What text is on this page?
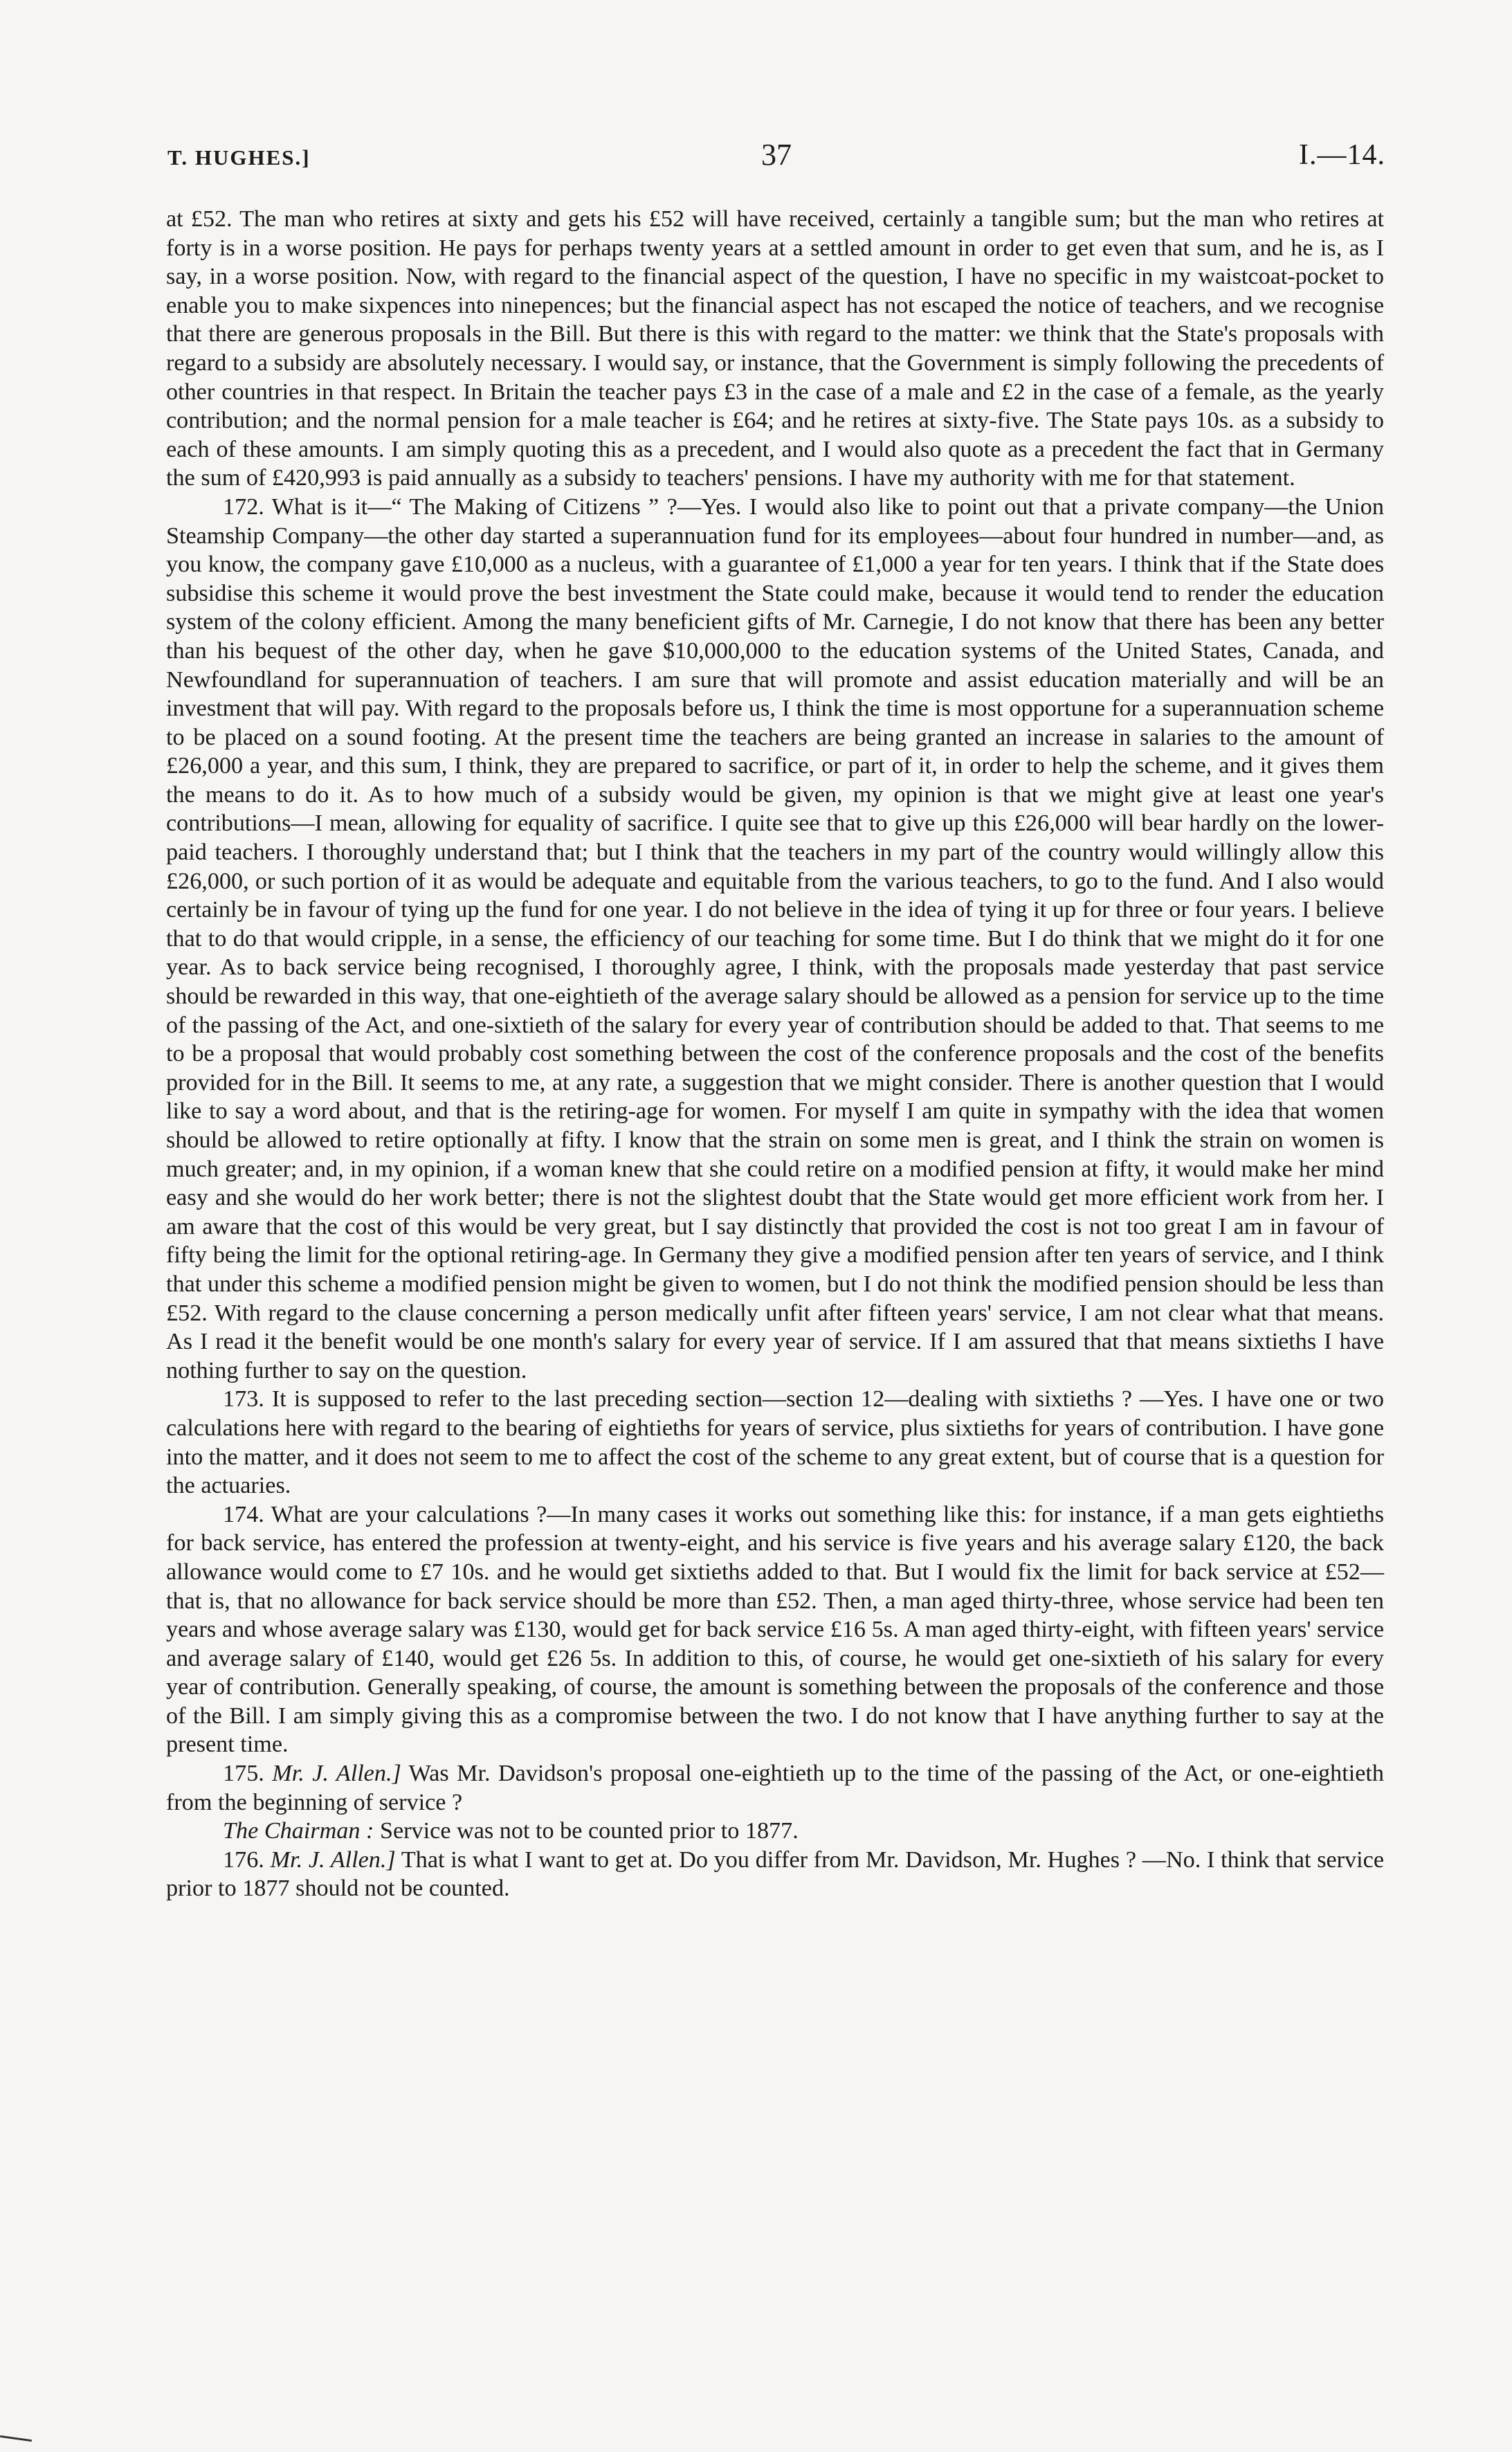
T. HUGHES.]	37	I.—14.

at £52. The man who retires at sixty and gets his £52 will have received, certainly a tangible sum; but the man who retires at forty is in a worse position. He pays for perhaps twenty years at a settled amount in order to get even that sum, and he is, as I say, in a worse position. Now, with regard to the financial aspect of the question, I have no specific in my waistcoat-pocket to enable you to make sixpences into ninepences; but the financial aspect has not escaped the notice of teachers, and we recognise that there are generous proposals in the Bill. But there is this with regard to the matter: we think that the State's proposals with regard to a subsidy are absolutely necessary. I would say, or instance, that the Government is simply following the precedents of other countries in that respect. In Britain the teacher pays £3 in the case of a male and £2 in the case of a female, as the yearly contribution; and the normal pension for a male teacher is £64; and he retires at sixty-five. The State pays 10s. as a subsidy to each of these amounts. I am simply quoting this as a precedent, and I would also quote as a precedent the fact that in Germany the sum of £420,993 is paid annually as a subsidy to teachers' pensions. I have my authority with me for that statement.

172. What is it—“ The Making of Citizens ” ?—Yes. I would also like to point out that a private company—the Union Steamship Company—the other day started a superannuation fund for its employees—about four hundred in number—and, as you know, the company gave £10,000 as a nucleus, with a guarantee of £1,000 a year for ten years. I think that if the State does subsidise this scheme it would prove the best investment the State could make, because it would tend to render the education system of the colony efficient. Among the many beneficient gifts of Mr. Carnegie, I do not know that there has been any better than his bequest of the other day, when he gave $10,000,000 to the education systems of the United States, Canada, and Newfoundland for superannuation of teachers. I am sure that will promote and assist education materially and will be an investment that will pay. With regard to the proposals before us, I think the time is most opportune for a superannuation scheme to be placed on a sound footing. At the present time the teachers are being granted an increase in salaries to the amount of £26,000 a year, and this sum, I think, they are prepared to sacrifice, or part of it, in order to help the scheme, and it gives them the means to do it. As to how much of a subsidy would be given, my opinion is that we might give at least one year's contributions—I mean, allowing for equality of sacrifice. I quite see that to give up this £26,000 will bear hardly on the lower-paid teachers. I thoroughly understand that; but I think that the teachers in my part of the country would willingly allow this £26,000, or such portion of it as would be adequate and equitable from the various teachers, to go to the fund. And I also would certainly be in favour of tying up the fund for one year. I do not believe in the idea of tying it up for three or four years. I believe that to do that would cripple, in a sense, the efficiency of our teaching for some time. But I do think that we might do it for one year. As to back service being recognised, I thoroughly agree, I think, with the proposals made yesterday that past service should be rewarded in this way, that one-eightieth of the average salary should be allowed as a pension for service up to the time of the passing of the Act, and one-sixtieth of the salary for every year of contribution should be added to that. That seems to me to be a proposal that would probably cost something between the cost of the conference proposals and the cost of the benefits provided for in the Bill. It seems to me, at any rate, a suggestion that we might consider. There is another question that I would like to say a word about, and that is the retiring-age for women. For myself I am quite in sympathy with the idea that women should be allowed to retire optionally at fifty. I know that the strain on some men is great, and I think the strain on women is much greater; and, in my opinion, if a woman knew that she could retire on a modified pension at fifty, it would make her mind easy and she would do her work better; there is not the slightest doubt that the State would get more efficient work from her. I am aware that the cost of this would be very great, but I say distinctly that provided the cost is not too great I am in favour of fifty being the limit for the optional retiring-age. In Germany they give a modified pension after ten years of service, and I think that under this scheme a modified pension might be given to women, but I do not think the modified pension should be less than £52. With regard to the clause concerning a person medically unfit after fifteen years' service, I am not clear what that means. As I read it the benefit would be one month's salary for every year of service. If I am assured that that means sixtieths I have nothing further to say on the question.

173. It is supposed to refer to the last preceding section—section 12—dealing with sixtieths ? —Yes. I have one or two calculations here with regard to the bearing of eightieths for years of service, plus sixtieths for years of contribution. I have gone into the matter, and it does not seem to me to affect the cost of the scheme to any great extent, but of course that is a question for the actuaries.

174. What are your calculations ?—In many cases it works out something like this: for instance, if a man gets eightieths for back service, has entered the profession at twenty-eight, and his service is five years and his average salary £120, the back allowance would come to £7 10s. and he would get sixtieths added to that. But I would fix the limit for back service at £52—that is, that no allowance for back service should be more than £52. Then, a man aged thirty-three, whose service had been ten years and whose average salary was £130, would get for back service £16 5s. A man aged thirty-eight, with fifteen years' service and average salary of £140, would get £26 5s. In addition to this, of course, he would get one-sixtieth of his salary for every year of contribution. Generally speaking, of course, the amount is something between the proposals of the conference and those of the Bill. I am simply giving this as a compromise between the two. I do not know that I have anything further to say at the present time.

175. Mr. J. Allen.] Was Mr. Davidson's proposal one-eightieth up to the time of the passing of the Act, or one-eightieth from the beginning of service ?

The Chairman : Service was not to be counted prior to 1877.

176. Mr. J. Allen.] That is what I want to get at. Do you differ from Mr. Davidson, Mr. Hughes ? —No. I think that service prior to 1877 should not be counted.
